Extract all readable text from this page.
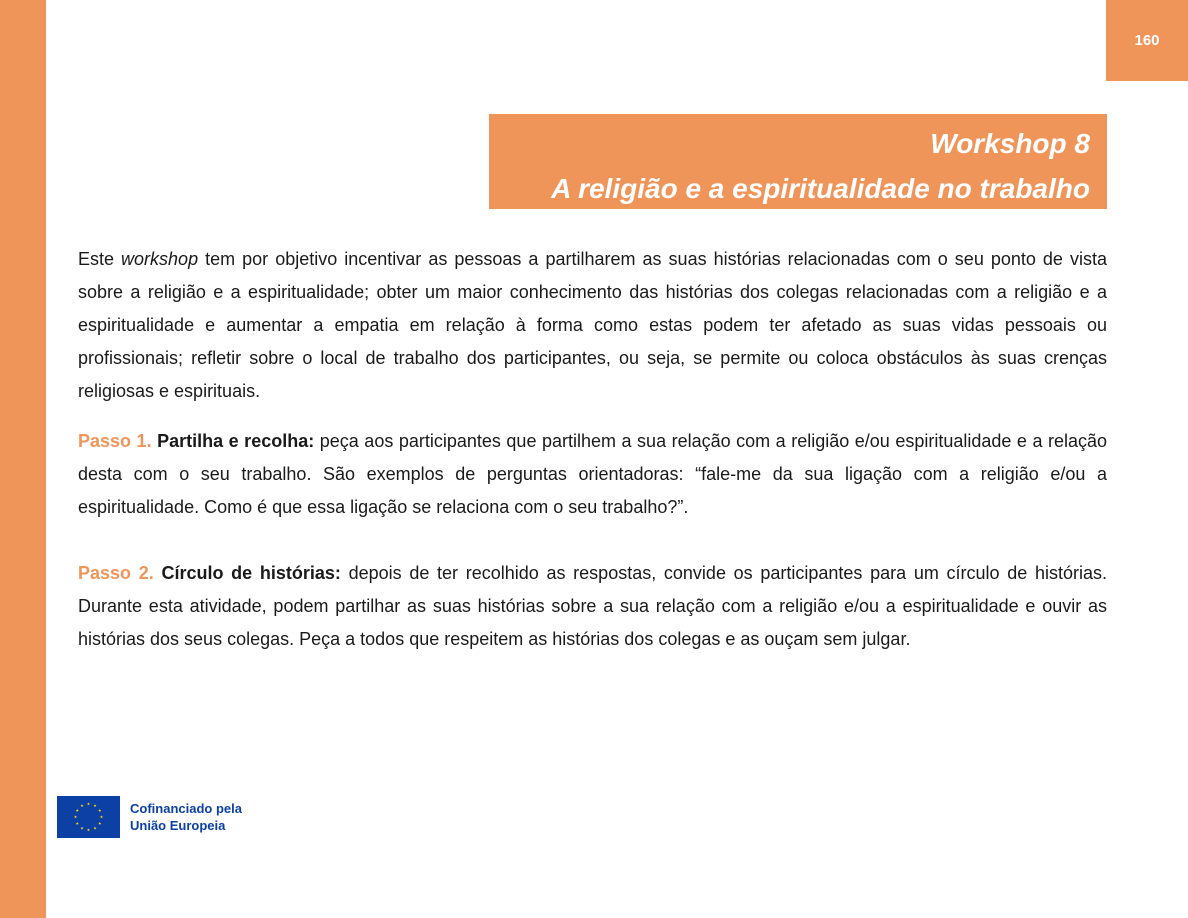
160
Workshop 8
A religião e a espiritualidade no trabalho

Este workshop tem por objetivo incentivar as pessoas a partilharem as suas histórias relacionadas com o seu ponto de vista sobre a religião e a espiritualidade; obter um maior conhecimento das histórias dos colegas relacionadas com a religião e a espiritualidade e aumentar a empatia em relação à forma como estas podem ter afetado as suas vidas pessoais ou profissionais; refletir sobre o local de trabalho dos participantes, ou seja, se permite ou coloca obstáculos às suas crenças religiosas e espirituais.

Passo 1. Partilha e recolha: peça aos participantes que partilhem a sua relação com a religião e/ou espiritualidade e a relação desta com o seu trabalho. São exemplos de perguntas orientadoras: “fale-me da sua ligação com a religião e/ou a espiritualidade. Como é que essa ligação se relaciona com o seu trabalho?”.

Passo 2. Círculo de histórias: depois de ter recolhido as respostas, convide os participantes para um círculo de histórias. Durante esta atividade, podem partilhar as suas histórias sobre a sua relação com a religião e/ou a espiritualidade e ouvir as histórias dos seus colegas. Peça a todos que respeitem as histórias dos colegas e as ouçam sem julgar.

Cofinanciado pela
União Europeia
